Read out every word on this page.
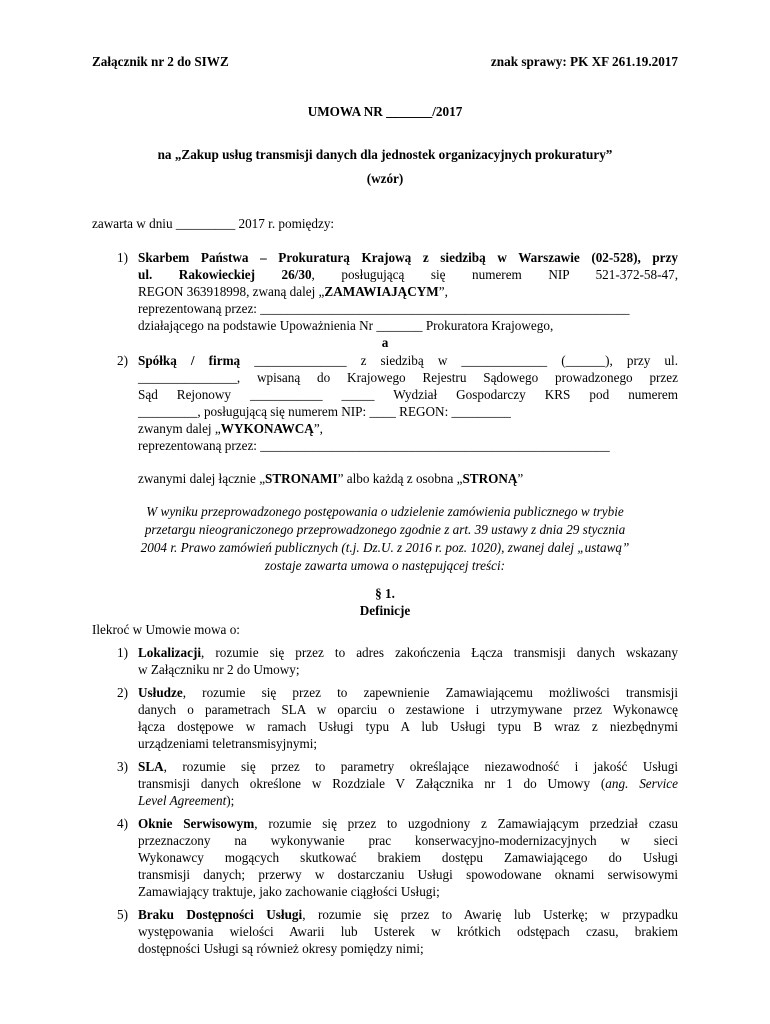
Załącznik nr 2 do SIWZ	znak sprawy: PK XF 261.19.2017
UMOWA NR _______/2017
na „Zakup usług transmisji danych dla jednostek organizacyjnych prokuratury”
(wzór)
zawarta w dniu _________ 2017 r. pomiędzy:
1) Skarbem Państwa – Prokuraturą Krajową z siedzibą w Warszawie (02-528), przy
ul. Rakowieckiej 26/30, posługującą się numerem NIP 521-372-58-47,
REGON 363918998, zwaną dalej „ZAMAWIAJĄCYM”,
reprezentowaną przez: ________________________________________________________
działającego na podstawie Upoważnienia Nr _______ Prokuratora Krajowego,
a
2) Spółką / firmą ______________ z siedzibą w _____________ (______), przy ul.
_______________, wpisaną do Krajowego Rejestru Sądowego prowadzonego przez
Sąd Rejonowy ___________ _____ Wydział Gospodarczy KRS pod numerem
_________, posługującą się numerem NIP: ____ REGON: _________
zwanym dalej „WYKONAWCĄ”,
reprezentowaną przez: _____________________________________________________
zwanymi dalej łącznie „STRONAMI” albo każdą z osobna „STRONĄ”
W wyniku przeprowadzonego postępowania o udzielenie zamówienia publicznego w trybie
przetargu nieograniczonego przeprowadzonego zgodnie z art. 39 ustawy z dnia 29 stycznia
2004 r. Prawo zamówień publicznych (t.j. Dz.U. z 2016 r. poz. 1020), zwanej dalej „ustawą”
zostaje zawarta umowa o następującej treści:
§ 1.
Definicje
Ilekroć w Umowie mowa o:
1) Lokalizacji, rozumie się przez to adres zakończenia Łącza transmisji danych wskazany
w Załączniku nr 2 do Umowy;
2) Usłudze, rozumie się przez to zapewnienie Zamawiającemu możliwości transmisji
danych o parametrach SLA w oparciu o zestawione i utrzymywane przez Wykonawcę
łącza dostępowe w ramach Usługi typu A lub Usługi typu B wraz z niezbędnymi
urządzeniami teletransmisyjnymi;
3) SLA, rozumie się przez to parametry określające niezawodność i jakość Usługi
transmisji danych określone w Rozdziale V Załącznika nr 1 do Umowy (ang. Service
Level Agreement);
4) Oknie Serwisowym, rozumie się przez to uzgodniony z Zamawiającym przedział czasu
przeznaczony na wykonywanie prac konserwacyjno-modernizacyjnych w sieci
Wykonawcy mogących skutkować brakiem dostępu Zamawiającego do Usługi
transmisji danych; przerwy w dostarczaniu Usługi spowodowane oknami serwisowymi
Zamawiający traktuje, jako zachowanie ciągłości Usługi;
5) Braku Dostępności Usługi, rozumie się przez to Awarię lub Usterkę; w przypadku
występowania wielości Awarii lub Usterek w krótkich odstępach czasu, brakiem
dostępności Usługi są również okresy pomiędzy nimi;
